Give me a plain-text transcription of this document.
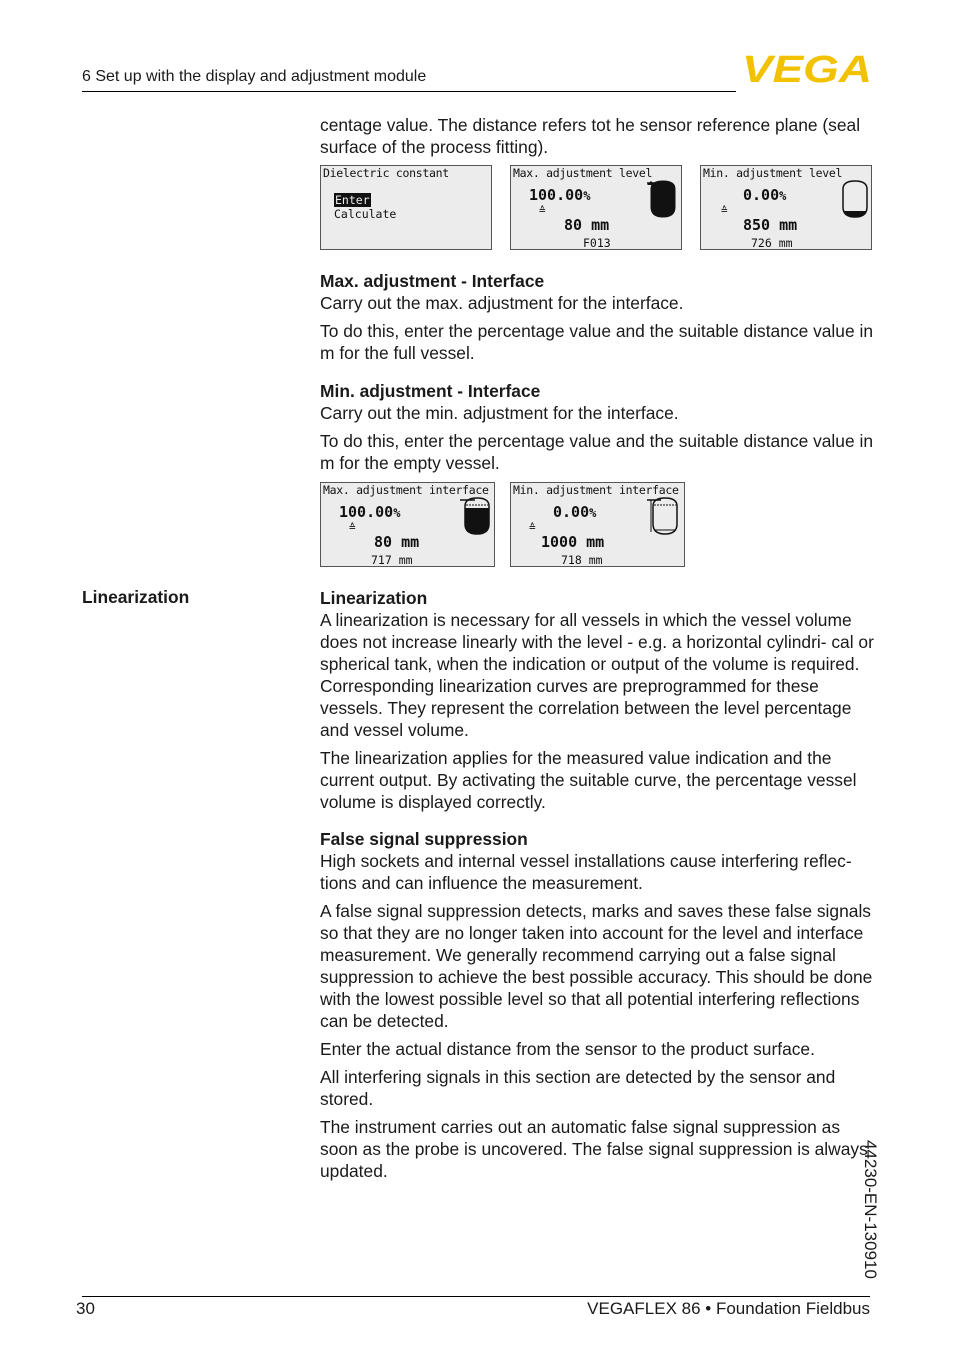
6 Set up with the display and adjustment module	VEGA

centage value. The distance refers tot he sensor reference plane (seal surface of the process fitting).

Dielectric constant
Enter
Calculate
Max. adjustment level
100.00%
≙
80 mm
F013
Min. adjustment level
0.00%
≙
850 mm
726 mm

Max. adjustment - Interface

Carry out the max. adjustment for the interface.

To do this, enter the percentage value and the suitable distance value in m for the full vessel.

Min. adjustment - Interface

Carry out the min. adjustment for the interface.

To do this, enter the percentage value and the suitable distance value in m for the empty vessel.

Max. adjustment interface
100.00%
≙
80 mm
717 mm
Min. adjustment interface
0.00%
≙
1000 mm
718 mm
Linearization	Linearization

A linearization is necessary for all vessels in which the vessel volume does not increase linearly with the level - e.g. a horizontal cylindri- cal or spherical tank, when the indication or output of the volume is required. Corresponding linearization curves are preprogrammed for these vessels. They represent the correlation between the level percentage and vessel volume.

The linearization applies for the measured value indication and the current output. By activating the suitable curve, the percentage vessel volume is displayed correctly.

False signal suppression

High sockets and internal vessel installations cause interfering reflec- tions and can influence the measurement.

A false signal suppression detects, marks and saves these false signals so that they are no longer taken into account for the level and interface measurement. We generally recommend carrying out a false signal suppression to achieve the best possible accuracy. This should be done with the lowest possible level so that all potential interfering reflections can be detected.

Enter the actual distance from the sensor to the product surface.

All interfering signals in this section are detected by the sensor and stored.

The instrument carries out an automatic false signal suppression as soon as the probe is uncovered. The false signal suppression is always updated.	44230-EN-130910
30	VEGAFLEX 86 • Foundation Fieldbus
